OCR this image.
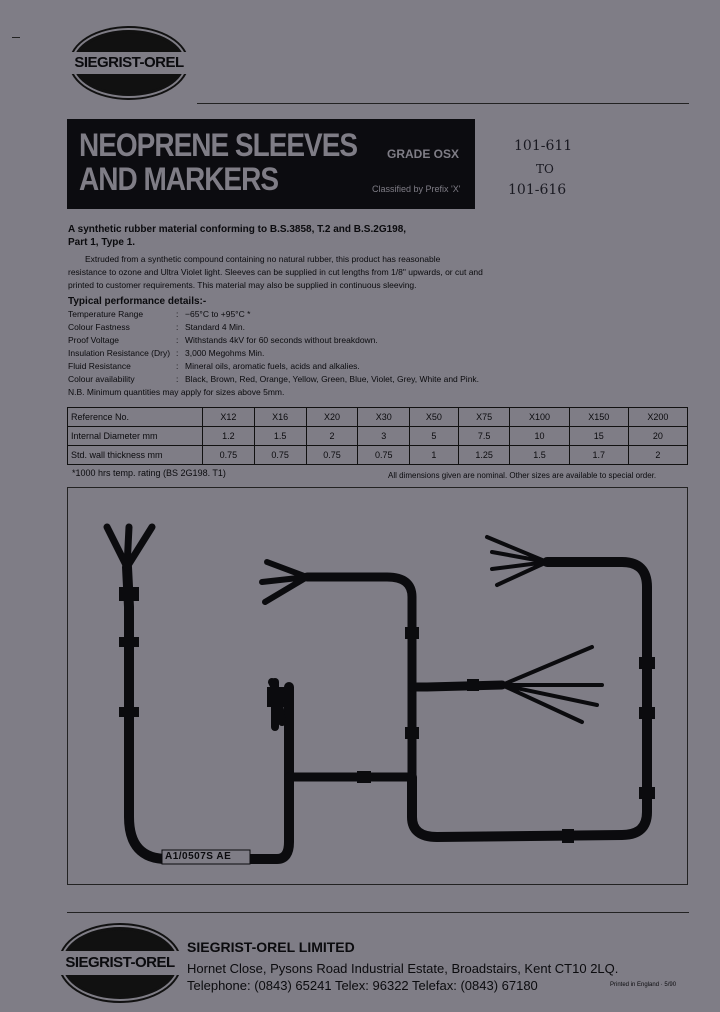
SIEGRIST-OREL
NEOPRENE SLEEVES
AND MARKERS
GRADE OSX
Classified by Prefix 'X'
101-611
TO
101-616
A synthetic rubber material conforming to B.S.3858, T.2 and B.S.2G198,
Part 1, Type 1.
Extruded from a synthetic compound containing no natural rubber, this product has reasonable
resistance to ozone and Ultra Violet light. Sleeves can be supplied in cut lengths from 1/8" upwards, or cut and
printed to customer requirements. This material may also be supplied in continuous sleeving.
Typical performance details:-
Temperature Range	: −65°C to +95°C *
Colour Fastness	: Standard 4 Min.
Proof Voltage	: Withstands 4kV for 60 seconds without breakdown.
Insulation Resistance (Dry) : 3,000 Megohms Min.
Fluid Resistance	: Mineral oils, aromatic fuels, acids and alkalies.
Colour availability	: Black, Brown, Red, Orange, Yellow, Green, Blue, Violet, Grey, White and Pink.
N.B. Minimum quantities may apply for sizes above 5mm.
Reference No.	X12	X16	X20	X30	X50	X75	X100	X150	X200
Internal Diameter mm	1.2	1.5	2	3	5	7.5	10	15	20
Std. wall thickness mm	0.75	0.75	0.75	0.75	1	1.25	1.5	1.7	2
*1000 hrs temp. rating (BS 2G198. T1)	All dimensions given are nominal. Other sizes are available to special order.
A1/0507S AE
SIEGRIST-OREL
SIEGRIST-OREL LIMITED
Hornet Close, Pysons Road Industrial Estate, Broadstairs, Kent CT10 2LQ.
Telephone: (0843) 65241 Telex: 96322 Telefax: (0843) 67180	Printed in England · 5/90
